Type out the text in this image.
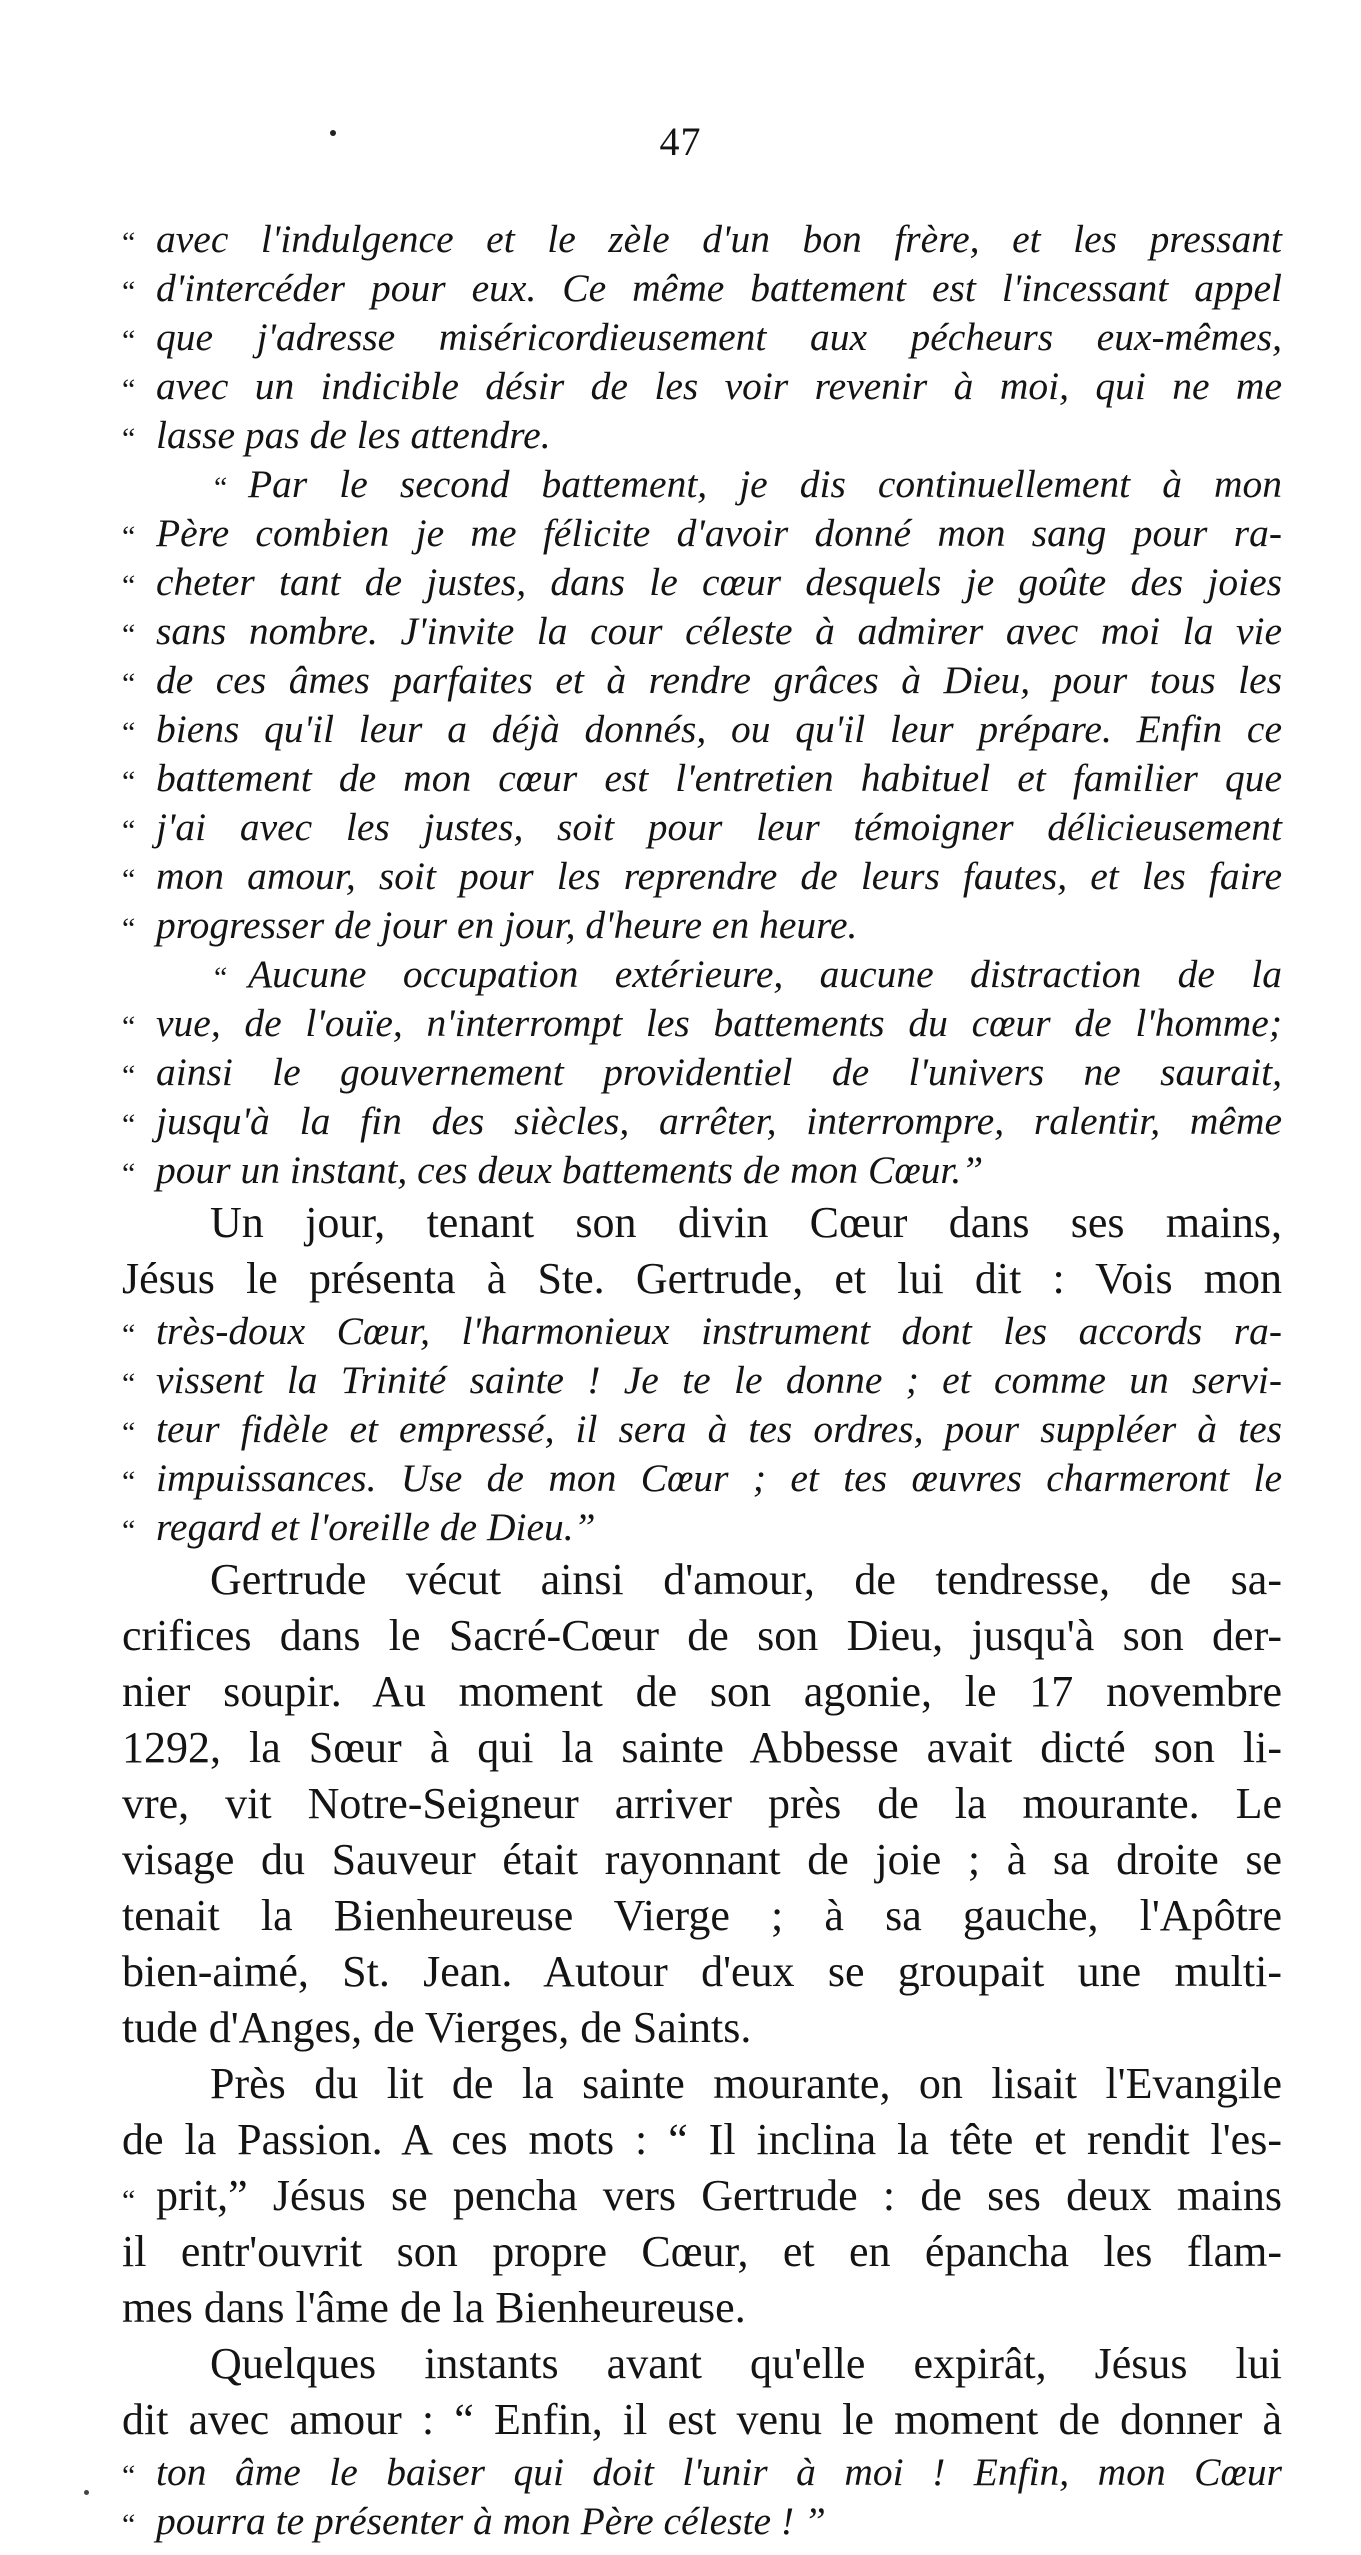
47
“ avec l'indulgence et le zèle d'un bon frère, et les pressant
“ d'intercéder pour eux. Ce même battement est l'incessant appel
“ que j'adresse miséricordieusement aux pécheurs eux-mêmes,
“ avec un indicible désir de les voir revenir à moi, qui ne me
“ lasse pas de les attendre.
“ Par le second battement, je dis continuellement à mon
“ Père combien je me félicite d'avoir donné mon sang pour ra-
“ cheter tant de justes, dans le cœur desquels je goûte des joies
“ sans nombre. J'invite la cour céleste à admirer avec moi la vie
“ de ces âmes parfaites et à rendre grâces à Dieu, pour tous les
“ biens qu'il leur a déjà donnés, ou qu'il leur prépare. Enfin ce
“ battement de mon cœur est l'entretien habituel et familier que
“ j'ai avec les justes, soit pour leur témoigner délicieusement
“ mon amour, soit pour les reprendre de leurs fautes, et les faire
“ progresser de jour en jour, d'heure en heure.
“ Aucune occupation extérieure, aucune distraction de la
“ vue, de l'ouïe, n'interrompt les battements du cœur de l'homme;
“ ainsi le gouvernement providentiel de l'univers ne saurait,
“ jusqu'à la fin des siècles, arrêter, interrompre, ralentir, même
“ pour un instant, ces deux battements de mon Cœur.”
Un jour, tenant son divin Cœur dans ses mains,
Jésus le présenta à Ste. Gertrude, et lui dit : Vois mon
“ très-doux Cœur, l'harmonieux instrument dont les accords ra-
“ vissent la Trinité sainte ! Je te le donne ; et comme un servi-
“ teur fidèle et empressé, il sera à tes ordres, pour suppléer à tes
“ impuissances. Use de mon Cœur ; et tes œuvres charmeront le
“ regard et l'oreille de Dieu.”
Gertrude vécut ainsi d'amour, de tendresse, de sa-
crifices dans le Sacré-Cœur de son Dieu, jusqu'à son der-
nier soupir. Au moment de son agonie, le 17 novembre
1292, la Sœur à qui la sainte Abbesse avait dicté son li-
vre, vit Notre-Seigneur arriver près de la mourante. Le
visage du Sauveur était rayonnant de joie ; à sa droite se
tenait la Bienheureuse Vierge ; à sa gauche, l'Apôtre
bien-aimé, St. Jean. Autour d'eux se groupait une multi-
tude d'Anges, de Vierges, de Saints.
Près du lit de la sainte mourante, on lisait l'Evangile
de la Passion. A ces mots : “ Il inclina la tête et rendit l'es-
“ prit,” Jésus se pencha vers Gertrude : de ses deux mains
il entr'ouvrit son propre Cœur, et en épancha les flam-
mes dans l'âme de la Bienheureuse.
Quelques instants avant qu'elle expirât, Jésus lui
dit avec amour : “ Enfin, il est venu le moment de donner à
“ ton âme le baiser qui doit l'unir à moi ! Enfin, mon Cœur
“ pourra te présenter à mon Père céleste ! ”
